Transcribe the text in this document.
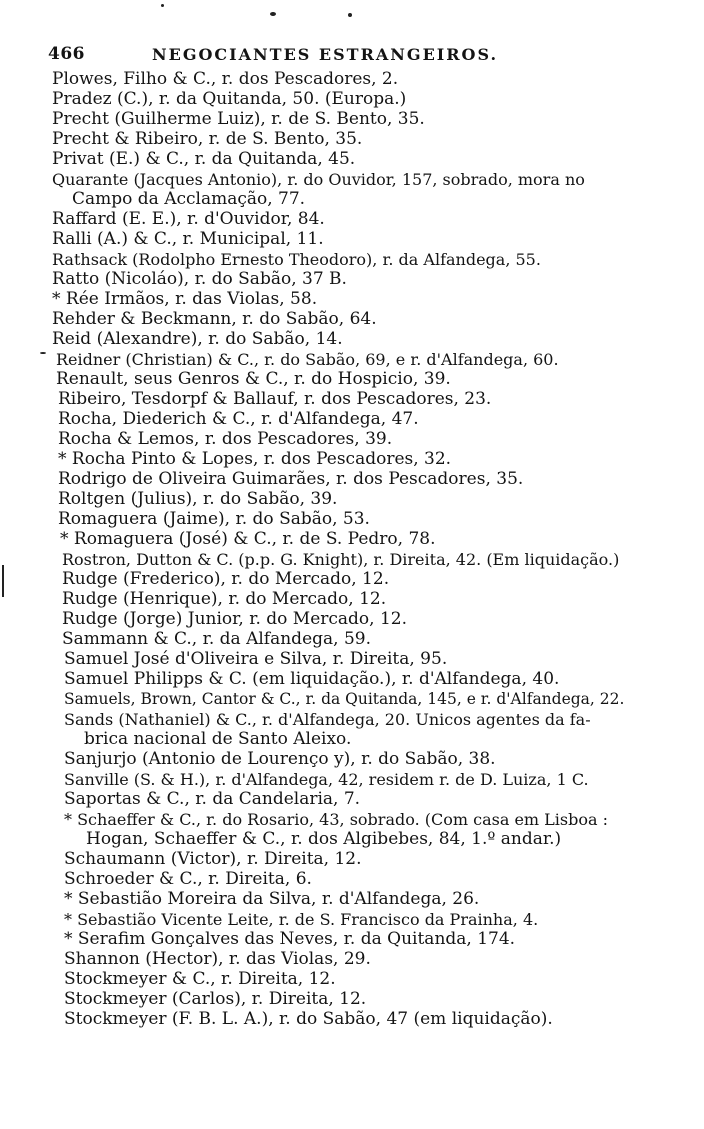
466	NEGOCIANTES ESTRANGEIROS.
Plowes, Filho & C., r. dos Pescadores, 2.
Pradez (C.), r. da Quitanda, 50. (Europa.)
Precht (Guilherme Luiz), r. de S. Bento, 35.
Precht & Ribeiro, r. de S. Bento, 35.
Privat (E.) & C., r. da Quitanda, 45.
Quarante (Jacques Antonio), r. do Ouvidor, 157, sobrado, mora no
Campo da Acclamação, 77.
Raffard (E. E.), r. d'Ouvidor, 84.
Ralli (A.) & C., r. Municipal, 11.
Rathsack (Rodolpho Ernesto Theodoro), r. da Alfandega, 55.
Ratto (Nicoláo), r. do Sabão, 37 B.
* Rée Irmãos, r. das Violas, 58.
Rehder & Beckmann, r. do Sabão, 64.
Reid (Alexandre), r. do Sabão, 14.
Reidner (Christian) & C., r. do Sabão, 69, e r. d'Alfandega, 60.
Renault, seus Genros & C., r. do Hospicio, 39.
Ribeiro, Tesdorpf & Ballauf, r. dos Pescadores, 23.
Rocha, Diederich & C., r. d'Alfandega, 47.
Rocha & Lemos, r. dos Pescadores, 39.
* Rocha Pinto & Lopes, r. dos Pescadores, 32.
Rodrigo de Oliveira Guimarães, r. dos Pescadores, 35.
Roltgen (Julius), r. do Sabão, 39.
Romaguera (Jaime), r. do Sabão, 53.
* Romaguera (José) & C., r. de S. Pedro, 78.
Rostron, Dutton & C. (p.p. G. Knight), r. Direita, 42. (Em liquidação.)
Rudge (Frederico), r. do Mercado, 12.
Rudge (Henrique), r. do Mercado, 12.
Rudge (Jorge) Junior, r. do Mercado, 12.
Sammann & C., r. da Alfandega, 59.
Samuel José d'Oliveira e Silva, r. Direita, 95.
Samuel Philipps & C. (em liquidação.), r. d'Alfandega, 40.
Samuels, Brown, Cantor & C., r. da Quitanda, 145, e r. d'Alfandega, 22.
Sands (Nathaniel) & C., r. d'Alfandega, 20. Unicos agentes da fa-
brica nacional de Santo Aleixo.
Sanjurjo (Antonio de Lourenço y), r. do Sabão, 38.
Sanville (S. & H.), r. d'Alfandega, 42, residem r. de D. Luiza, 1 C.
Saportas & C., r. da Candelaria, 7.
* Schaeffer & C., r. do Rosario, 43, sobrado. (Com casa em Lisboa :
Hogan, Schaeffer & C., r. dos Algibebes, 84, 1.º andar.)
Schaumann (Victor), r. Direita, 12.
Schroeder & C., r. Direita, 6.
* Sebastião Moreira da Silva, r. d'Alfandega, 26.
* Sebastião Vicente Leite, r. de S. Francisco da Prainha, 4.
* Serafim Gonçalves das Neves, r. da Quitanda, 174.
Shannon (Hector), r. das Violas, 29.
Stockmeyer & C., r. Direita, 12.
Stockmeyer (Carlos), r. Direita, 12.
Stockmeyer (F. B. L. A.), r. do Sabão, 47 (em liquidação).
